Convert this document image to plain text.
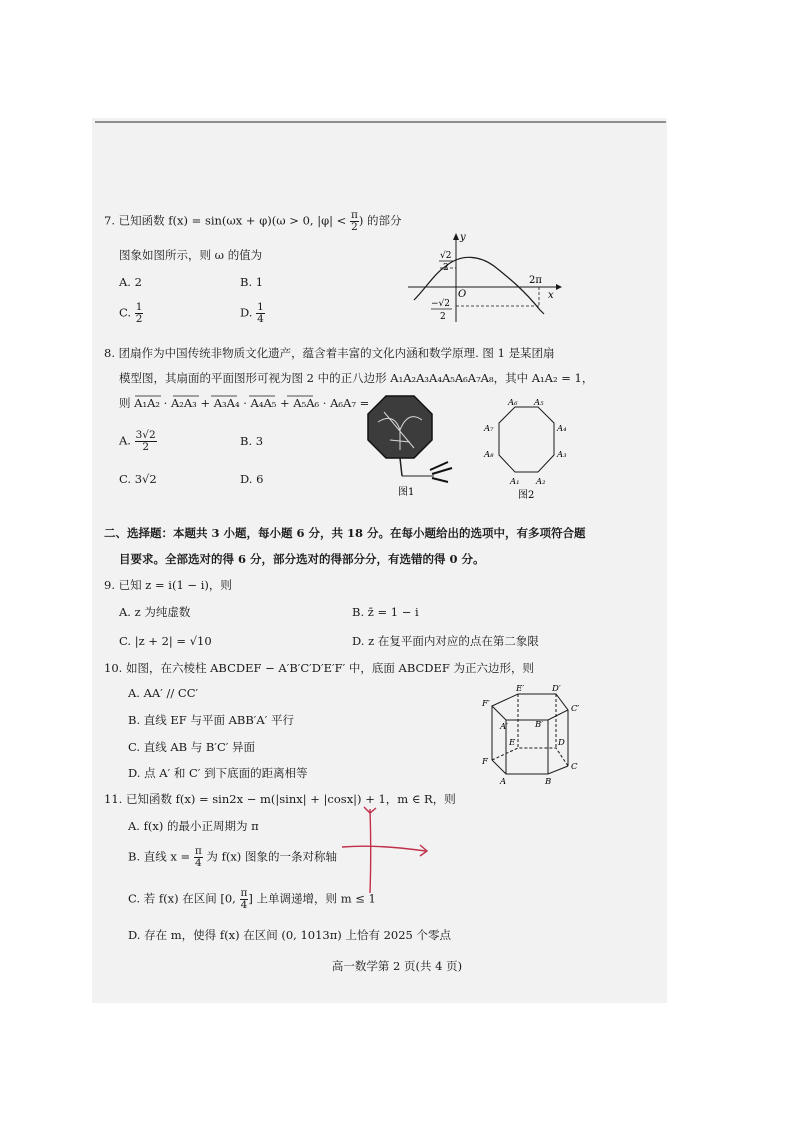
7. 已知函数 f(x) = sin(ωx + φ)(ω > 0, $|\varphi| < \frac{\pi}{2}$ ) 的部分
图象如图所示，则 ω 的值为
A. 2	B. 1
C. $\frac{1}{2}$	D. $\frac{1}{4}$
y
x
O
√2
2
−√2
2
2π
8. 团扇作为中国传统非物质文化遗产，蕴含着丰富的文化内涵和数学原理. 图 1 是某团扇
模型图，其扇面的平面图形可视为图 2 中的正八边形 A₁A₂A₃A₄A₅A₆A₇A₈，其中 A₁A₂ = 1，
则 A₁A₂ · A₂A₃ + A₃A₄ · A₄A₅ + A₅A₆ · A₆A₇ =
A. $\frac{3√2}{2}$	B. 3
C. 3√2	D. 6
图1
A₆ A₅
A₄
A₃
A₂
A₁
A₈
A₇
图2
二、选择题：本题共 3 小题，每小题 6 分，共 18 分。在每小题给出的选项中，有多项符合题
目要求。全部选对的得 6 分，部分选对的得部分分，有选错的得 0 分。
9. 已知 z = i(1 − i)，则
A. z 为纯虚数	B. z̄ = 1 − i
C. |z + 2| = √10	D. z 在复平面内对应的点在第二象限
10. 如图，在六棱柱 ABCDEF − A′B′C′D′E′F′ 中，底面 ABCDEF 为正六边形，则
A. AA′ // CC′
B. 直线 EF 与平面 ABB′A′ 平行
C. 直线 AB 与 B′C′ 异面
D. 点 A′ 和 C′ 到下底面的距离相等
E′	D′
F′	C′
A′	B′
E	D
F	C
A	B
11. 已知函数 f(x) = sin2x − m(|sinx| + |cosx|) + 1，m ∈ R，则
A. f(x) 的最小正周期为 π
B. 直线 $x = \frac{\pi}{4}$ 为 f(x) 图象的一条对称轴
C. 若 f(x) 在区间 [0, $\frac{\pi}{4}$ ] 上单调递增，则 m ≤ 1
D. 存在 m，使得 f(x) 在区间 (0, 1013π) 上恰有 2025 个零点
高一数学第 2 页(共 4 页)
